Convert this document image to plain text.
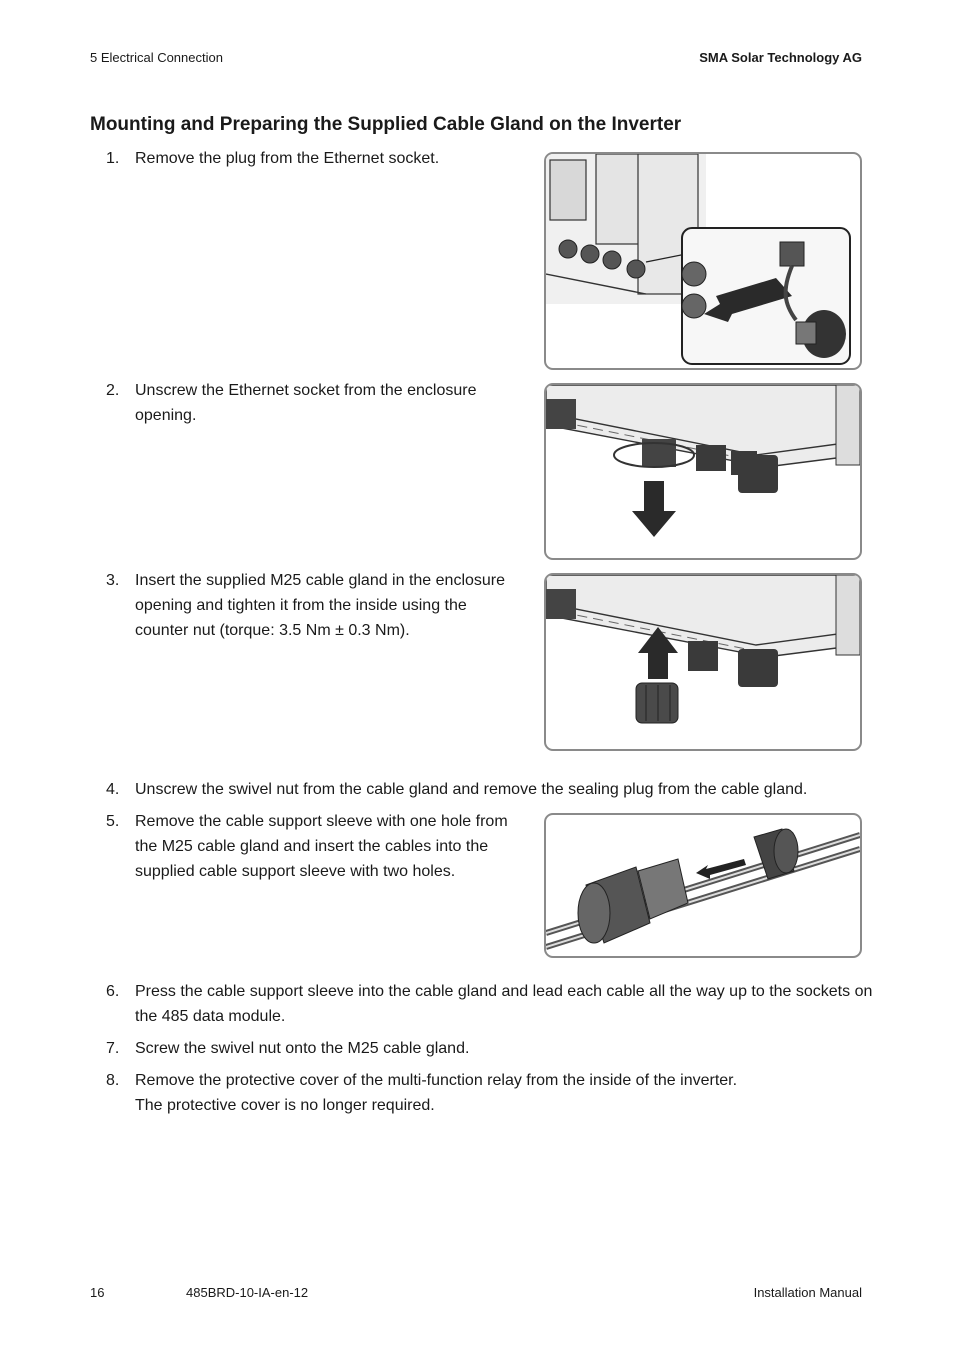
5 Electrical Connection	SMA Solar Technology AG
Mounting and Preparing the Supplied Cable Gland on the Inverter
1. Remove the plug from the Ethernet socket.
2. Unscrew the Ethernet socket from the enclosure opening.
3. Insert the supplied M25 cable gland in the enclosure opening and tighten it from the inside using the counter nut (torque: 3.5 Nm ± 0.3 Nm).
4. Unscrew the swivel nut from the cable gland and remove the sealing plug from the cable gland.
5. Remove the cable support sleeve with one hole from the M25 cable gland and insert the cables into the supplied cable support sleeve with two holes.
6. Press the cable support sleeve into the cable gland and lead each cable all the way up to the sockets on the 485 data module.
7. Screw the swivel nut onto the M25 cable gland.
8. Remove the protective cover of the multi-function relay from the inside of the inverter.
The protective cover is no longer required.
16	485BRD-10-IA-en-12	Installation Manual
